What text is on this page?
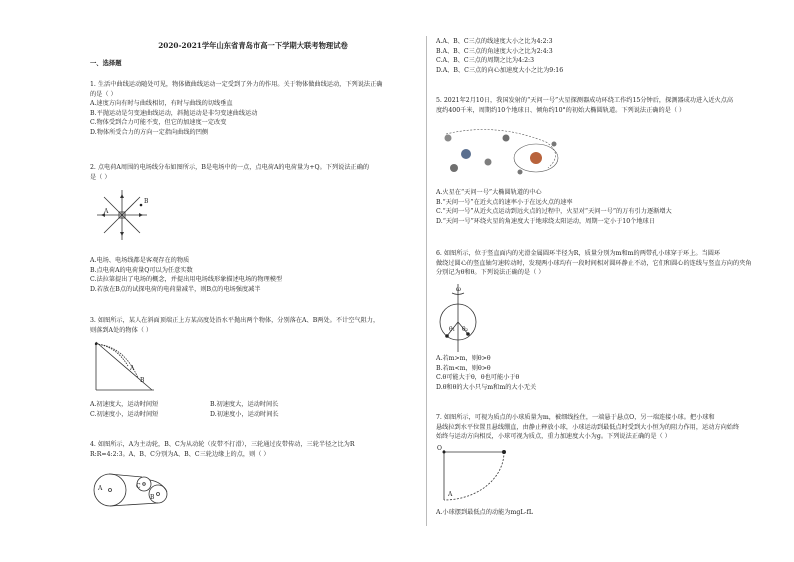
2020-2021学年山东省青岛市高一下学期大联考物理试卷
一、选择题
1. 生活中曲线运动随处可见，物体做曲线运动一定受到了外力的作用。关于物体做曲线运动，下列说法正确
的是（ ）
A.速度方向有时与曲线相切，有时与曲线的切线垂直
B.平抛运动是匀变速曲线运动，斜抛运动是非匀变速曲线运动
C.物体受到合力可能不变，但它的加速度一定改变
D.物体所受合力的方向一定指向曲线的凹侧
2. 点电荷A周围的电场线分布如图所示，B是电场中的一点，点电荷A的电荷量为+Q。下列说法正确的
是（ ）
B
A
A.电场、电场线都是客观存在的物质
B.点电荷A的电荷量Q可以为任意实数
C.法拉第提出了电场的概念，并提出用电场线形象描述电场的物理模型
D.若放在B点的试探电荷的电荷量减半，则B点的电场强度减半
3. 如图所示，某人在斜面顶端正上方某高度处沿水平抛出两个物体，分别落在A、B两处。不计空气阻力，
则落到A处的物体（ ）
A
B
A.初速度大，运动时间短	B.初速度大，运动时间长
C.初速度小，运动时间短	D.初速度小，运动时间长
4. 如图所示，A为主动轮，B、C为从动轮（皮带不打滑），三轮通过皮带传动，三轮半径之比为R
R:R=4:2:3。A、B、C分别为A、B、C三轮边缘上的点，则（ ）
A
B
C
A.A、B、C三点的线速度大小之比为4:2:3
B.A、B、C三点的角速度大小之比为2:4:3
C.A、B、C三点的周期之比为4:2:3
D.A、B、C三点的向心加速度大小之比为9:16
5. 2021年2月10日，我国发射的“天问一号”火星探测器成功环绕工作约15分钟后，探测器成功进入近火点高
度约400千米，周期约10个地球日、倾角约10°的初始大椭圆轨道。下列说法正确的是（ ）
A.火星在“天问一号”大椭圆轨道的中心
B.“天问一号”在近火点的速率小于在远火点的速率
C.“天问一号”从近火点运动到远火点的过程中，火星对“天问一号”的万有引力逐渐增大
D.“天问一号”环绕火星的角速度大于地球绕太阳运动，周期一定小于10个地球日
6. 如图所示，位于竖直面内的光滑金属圆环半径为R，质量分别为m和m的两带孔小球穿于环上。当圆环
做绕过圆心的竖直轴匀速转动时，发现两小球均有一段时间相对圆环静止不动，它们和圆心的连线与竖直方向的夹角
分别记为θ和θ。下列说法正确的是（ ）
ω
θ₁ θ₂
A.若m>m，则θ>θ
B.若m<m，则θ>θ
C.θ可能大于θ，θ也可能小于θ
D.θ和θ的大小只与m和m的大小无关
7. 如图所示，可视为质点的小球质量为m，被细线拴住，一端悬于悬点O，另一端连接小球。把小球和
悬线拉到水平位置且悬线绷直，由静止释放小球，小球运动到最低点时受到大小恒为的阻力作用，运动方向始终
始终与运动方向相反，小球可视为质点，重力加速度大小为g。下列说法正确的是（ ）
O
A
A.小球摆到最低点的动能为mgL-fL
